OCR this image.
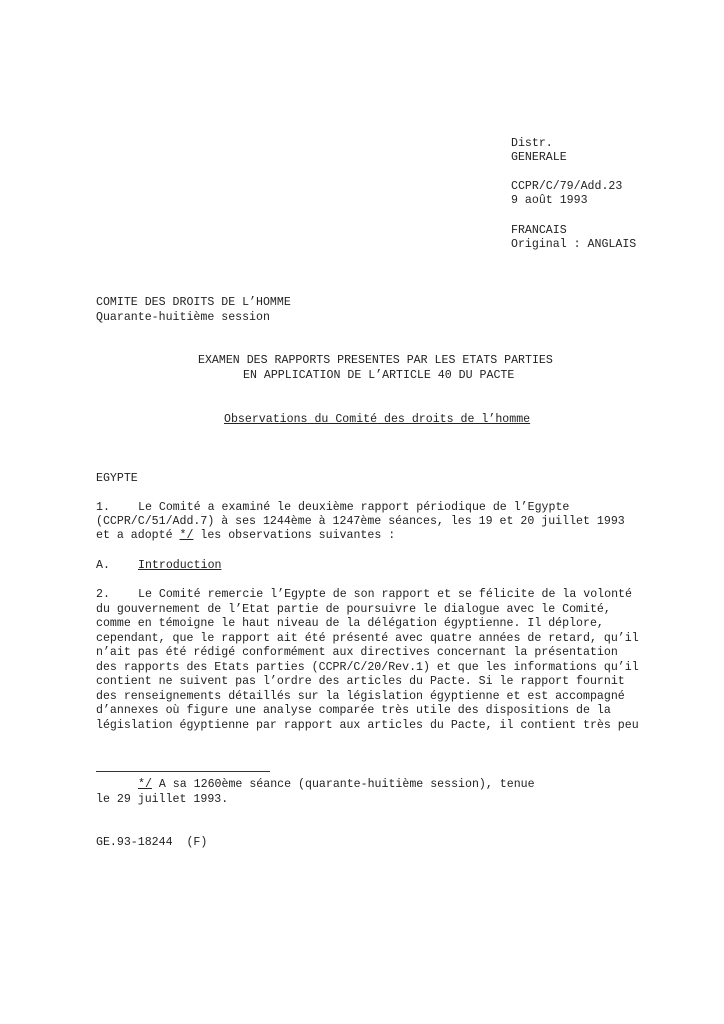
Distr.
GENERALE
CCPR/C/79/Add.23
9 août 1993
FRANCAIS
Original : ANGLAIS
COMITE DES DROITS DE L’HOMME
Quarante-huitième session
EXAMEN DES RAPPORTS PRESENTES PAR LES ETATS PARTIES
EN APPLICATION DE L’ARTICLE 40 DU PACTE
Observations du Comité des droits de l’homme
EGYPTE
1. Le Comité a examiné le deuxième rapport périodique de l’Egypte
(CCPR/C/51/Add.7) à ses 1244ème à 1247ème séances, les 19 et 20 juillet 1993
et a adopté */ les observations suivantes :
A. Introduction
2. Le Comité remercie l’Egypte de son rapport et se félicite de la volonté
du gouvernement de l’Etat partie de poursuivre le dialogue avec le Comité,
comme en témoigne le haut niveau de la délégation égyptienne. Il déplore,
cependant, que le rapport ait été présenté avec quatre années de retard, qu’il
n’ait pas été rédigé conformément aux directives concernant la présentation
des rapports des Etats parties (CCPR/C/20/Rev.1) et que les informations qu’il
contient ne suivent pas l’ordre des articles du Pacte. Si le rapport fournit
des renseignements détaillés sur la législation égyptienne et est accompagné
d’annexes où figure une analyse comparée très utile des dispositions de la
législation égyptienne par rapport aux articles du Pacte, il contient très peu
*/ A sa 1260ème séance (quarante-huitième session), tenue
le 29 juillet 1993.
GE.93-18244  (F)
